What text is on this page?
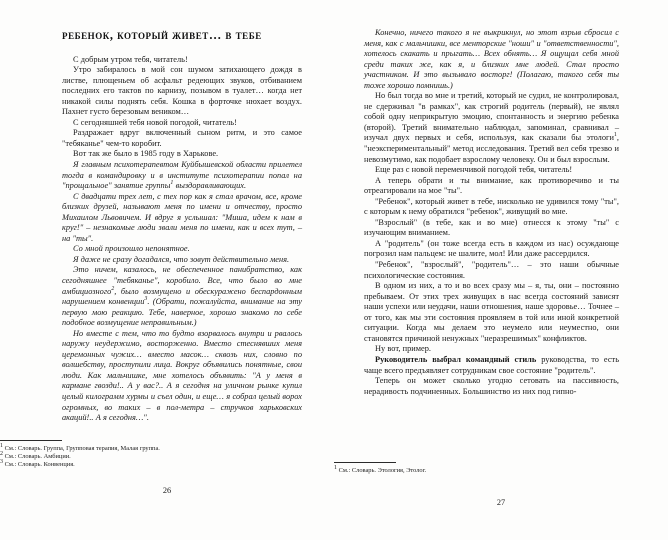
ребенок, который живет… в тебе

С добрым утром тебя, читатель!

Утро забиралось в мой сон шумом затихающего дождя в листве, плющеньем об асфальт редеющих звуков, отбиванием последних его тактов по карнизу, позывом в туалет… когда нет никакой силы поднять себя. Кошка в форточке нюхает воздух. Пахнет густо березовым веником…

С сегодняшней тебя новой погодой, читатель!

Раздражает вдруг включенный сыном ритм, и это самое "тебяканье" чем-то коробит.

Вот так же было в 1985 году в Харькове.

Я главным психотерапевтом Куйбышевской области прилетел тогда в командировку и в институте психотерапии попал на "прощальное" занятие группы$^1$ выздоравливающих.

С двадцати трех лет, с тех пор как я стал врачом, все, кроме близких друзей, называют меня по имени и отчеству, просто Михаилом Львовичем. И вдруг я услышал: "Миша, идем к нам в круг!" – незнакомые люди звали меня по имени, как и всех тут, – на "ты".

Со мной произошло непонятное.

Я даже не сразу догадался, что зовут действительно меня.

Это ничем, казалось, не обеспеченное панибратство, как сегодняшнее "тебяканье", коробило. Все, что было во мне амбициозного$^2$, было возмущено и обескуражено беспардонным нарушением конвенции$^3$. (Обрати, пожалуйста, внимание на эту первую мою реакцию. Тебе, наверное, хорошо знакомо по себе подобное возмущение неправильным.)

Но вместе с тем, что то будто взорвалось внутри и рвалось наружу неудержимо, восторженно. Вместо стеснявших меня церемонных чужих… вместо масок… сквозь них, словно по волшебству, проступили лица. Вокруг объявились понятные, свои люди. Как мальчишке, мне хотелось объявить: "А у меня в кармане гвозди!.. А у вас?.. А я сегодня на уличном рынке купил целый килограмм хурмы и съел один, и еще… я собрал целый ворох огромных, во таких – в пол-метра – стручков харьковских акаций!.. А я сегодня…".

$^1$ См.: Словарь. Группа, Групповая терапия, Малая группа.

$^2$ См.: Словарь. Амбиции.

$^3$ См.: Словарь. Конвенция.

26

Конечно, ничего такого я не выкрикнул, но этот взрыв сбросил с меня, как с мальчишки, все менторские "ноши" и "ответственности", хотелось скакать и прыгать… Всех обнять… Я ощущал себя мной среди таких же, как я, и близких мне людей. Стал просто участником. И это вызывало восторг! (Полагаю, такого себя ты тоже хорошо помнишь.)

Но был тогда во мне и третий, который не судил, не контролировал, не сдерживал "в рамках", как строгий родитель (первый), не являл собой одну неприкрытую эмоцию, спонтанность и энергию ребенка (второй). Третий внимательно наблюдал, запоминал, сравнивал – изучал двух первых и себя, используя, как сказали бы этологи$^1$, "неэкспериментальный" метод исследования. Третий вел себя трезво и невозмутимо, как подобает взрослому человеку. Он и был взрослым.

Еще раз с новой переменчивой погодой тебя, читатель!

А теперь обрати и ты внимание, как противоречиво и ты отреагировали на мое "ты".

"Ребенок", который живет в тебе, нисколько не удивился тому "ты", с которым к нему обратился "ребенок", живущий во мне.

"Взрослый" (в тебе, как и во мне) отнесся к этому "ты" с изучающим вниманием.

А "родитель" (он тоже всегда есть в каждом из нас) осуждающе погрозил нам пальцем: не шалите, мол! Или даже рассердился.

"Ребенок", "взрослый", "родитель"… – это наши обычные психологические состояния.

В одном из них, а то и во всех сразу мы – я, ты, они – постоянно пребываем. От этих трех живущих в нас всегда состояний зависят наши успехи или неудачи, наши отношения, наше здоровье… Точнее – от того, как мы эти состояния проявляем в той или иной конкретной ситуации. Когда мы делаем это неумело или неуместно, они становятся причиной ненужных "неразрешимых" конфликтов.

Ну вот, пример.

Руководитель выбрал командный стиль руководства, то есть чаще всего предъявляет сотрудникам свое состояние "родитель".

Теперь он может сколько угодно сетовать на пассивность, нерадивость подчиненных. Большинство из них под гипно-

$^1$ См.: Словарь. Этология, Этолог.

27
